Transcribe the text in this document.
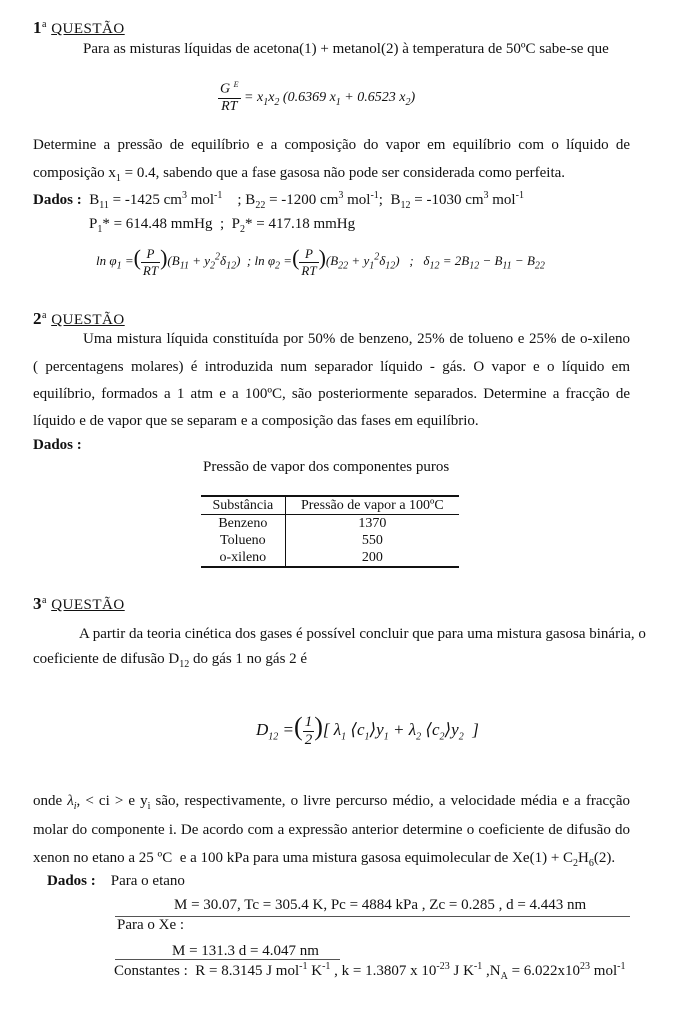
1$^a$ QUESTÃO
Para as misturas líquidas de acetona(1) + metanol(2) à temperatura de 50ºC sabe-se que
$\frac{G ^E}{RT} = x_1x_2$ (0.6369 $x_1 + 0.6523$ $x_2$)
Determine a pressão de equilíbrio e a composição do vapor em equilíbrio com o líquido de
composição $x_1 = 0.4$, sabendo que a fase gasosa não pode ser considerada como perfeita.
Dados :  $B_{11} = -1425$ $cm^3$ mol$^{-1}$    ; $B_{22} = -1200$ $cm^3$ mol$^{-1}$;  $B_{12} = -1030$ $cm^3$ mol$^{-1}$
$P_1* = 614.48$ mmHg  ;  $P_2* = 417.18$ mmHg
$\ln \varphi_1$ =( $\frac{P}{RT} )(B_{11} + y_2^2\delta_{12})$  ; $\ln \varphi_2$ =( $\frac{P}{RT} )(B_{22} + y_1^2\delta_{12})$   ;   $\delta_{12} = 2B_{12} - B_{11} - B_{22}$
2$^a$ QUESTÃO
Uma mistura líquida constituída por 50% de benzeno, 25% de tolueno e 25% de o-xileno
( percentagens molares) é introduzida num separador líquido - gás. O vapor e o líquido em
equilíbrio, formados a 1 atm e a 100ºC, são posteriormente separados. Determine a fracção de
líquido e de vapor que se separam e a composição das fases em equilíbrio.
Dados :
Pressão de vapor dos componentes puros
Substância	Pressão de vapor a 100ºC
Benzeno	1370
Tolueno	550
o-xileno	200
3$^a$ QUESTÃO
A partir da teoria cinética dos gases é possível concluir que para uma mistura gasosa binária, o
coeficiente de difusão $D_{12}$ do gás 1 no gás 2 é
$D_{12}$ =( $\frac{1}{2}$ )[ $\lambda_1$ $⟨c_1⟩y_1 + \lambda_2$ $⟨c_2⟩y_2$  ]
onde $\lambda_i$, < ci > e $y_i$ são, respectivamente, o livre percurso médio, a velocidade média e a fracção
molar do componente i. De acordo com a expressão anterior determine o coeficiente de difusão do
xenon no etano a 25 ºC  e a 100 kPa para uma mistura gasosa equimolecular de $Xe(1) + C_2H_6(2)$.
Dados : Para o etano
M = 30.07, Tc = 305.4 K, Pc = 4884 kPa , Zc = 0.285 , d = 4.443 nm
Para o Xe :
M = 131.3 d = 4.047 nm
Constantes :  R = 8.3145 J mol$^{-1}$ $K^{-1}$ , k = 1.3807 x $10^{-23}$ J $K^{-1}$ $,N_A = 6.022x10^{23}$ mol$^{-1}$
